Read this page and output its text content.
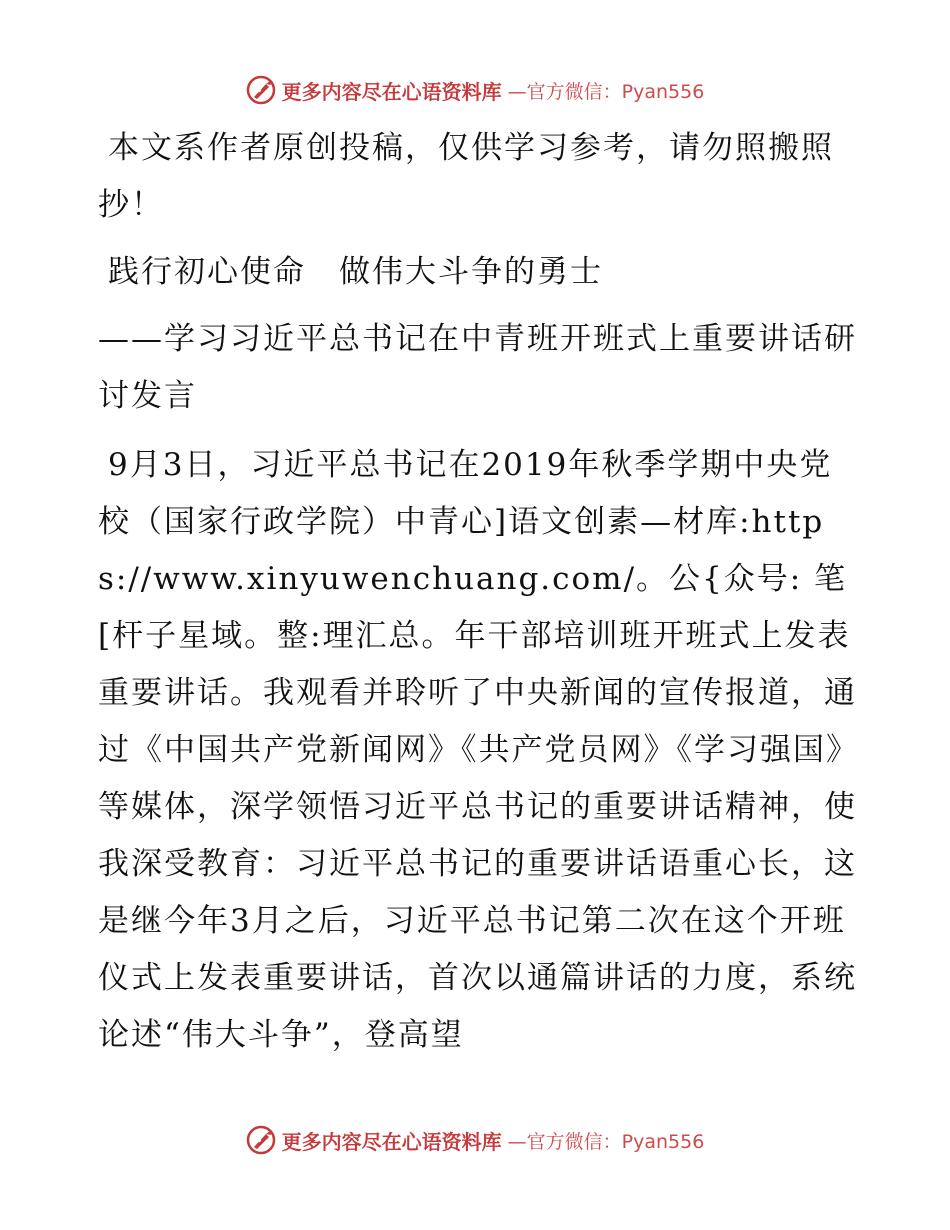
更多内容尽在心语资料库 —官方微信：Pyan556

本文系作者原创投稿，仅供学习参考，请勿照搬照抄！

践行初心使命　做伟大斗争的勇士

——学习习近平总书记在中青班开班式上重要讲话研讨发言

9月3日，习近平总书记在2019年秋季学期中央党校（国家行政学院）中青心]语文创素—材库:https://www.xinyuwenchuang.com/。公{众号: 笔[杆子星域。整:理汇总。年干部培训班开班式上发表重要讲话。我观看并聆听了中央新闻的宣传报道，通过《中国共产党新闻网》《共产党员网》《学习强国》等媒体，深学领悟习近平总书记的重要讲话精神，使我深受教育：习近平总书记的重要讲话语重心长，这是继今年3月之后，习近平总书记第二次在这个开班仪式上发表重要讲话，首次以通篇讲话的力度，系统论述“伟大斗争”，登高望

更多内容尽在心语资料库 —官方微信：Pyan556
